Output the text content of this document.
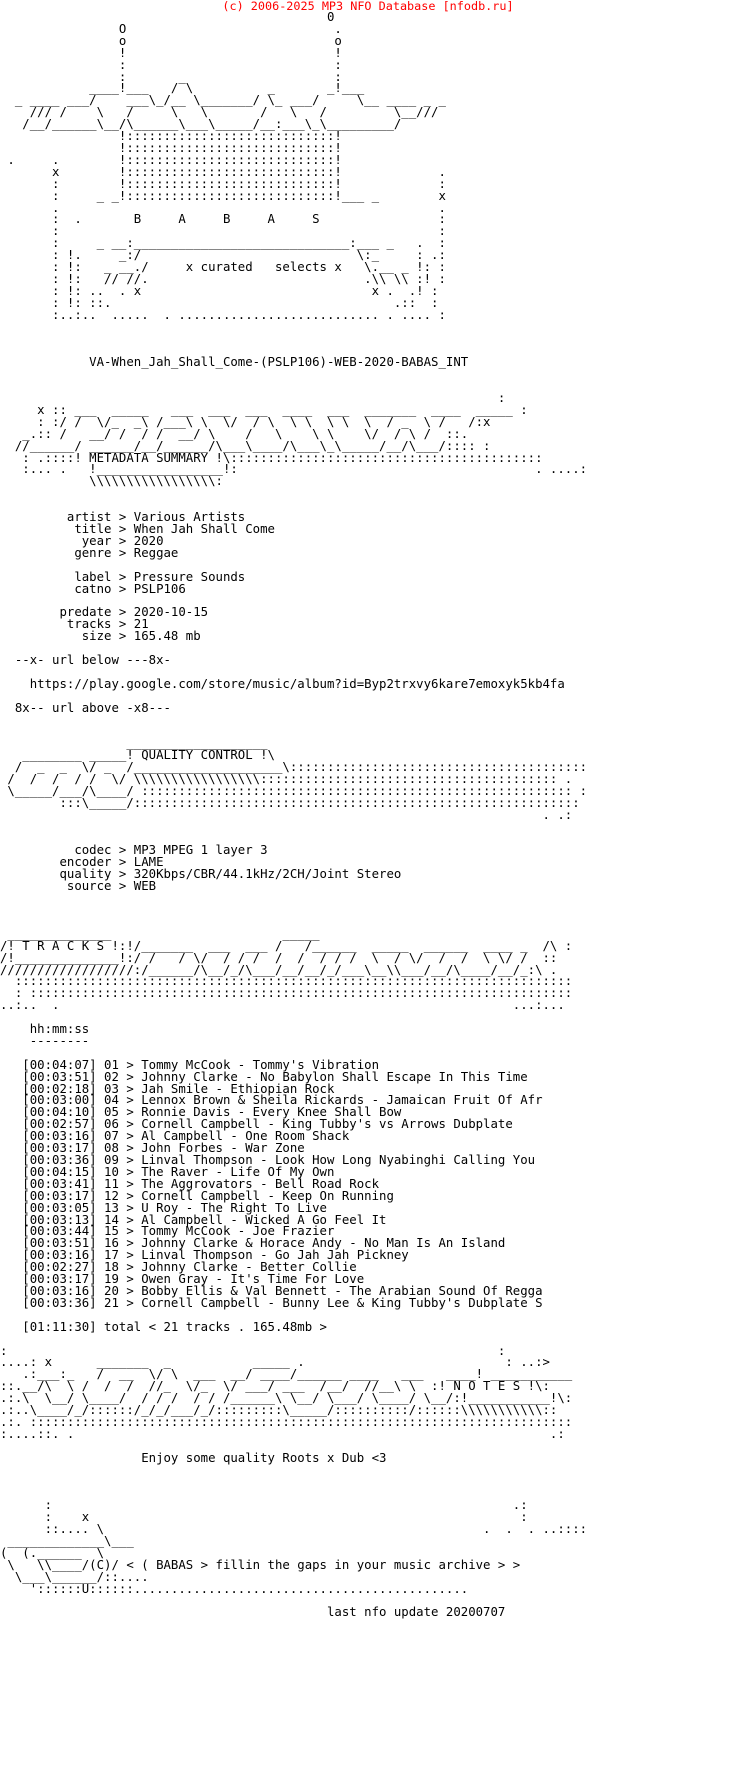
(c) 2006-2025 MP3 NFO Database [nfodb.ru]
0
O                            .
o                            o
!                            !
:                            :
:       _                    :
____!___   / \          _       _!___
_ ____ ___/    ___\_/__ \_______/ \_ ___/     \__ ____ _ _
/// /    \   /     \   \       /   \   /         \__///
/__/______\__/\______\___\_____/__:___\_\_________/
!::::::::::::::::::::::::::::!
!::::::::::::::::::::::::::::!
.     .        !::::::::::::::::::::::::::::!
x        !::::::::::::::::::::::::::::!             .
:        !::::::::::::::::::::::::::::!             :
:     _ _!::::::::::::::::::::::::::::!___ _        x
.                                                   .
:  .       B     A     B     A     S                :
:                                                   :
:     _ __:_____________________________:___ _   .  :
: !.     _:/                             \:_     : .:
: !:   _ __./     x curated   selects x   \.__ _ !: :
: !:   // //.                             .\\ \\ :! :
: !: ..  . x                               x .  .! :
: !: ::.                                      .::  :
:..:..  .....  . ........................... . .... :

VA-When_Jah_Shall_Come-(PSLP106)-WEB-2020-BABAS_INT

:
x :: ___  _____   ___  ___  ___  ____  ___  _______  ____  _____ :
: :/ /  \/_  _\ /___\ \  \/  / \  \ \  \ \  \  / _  \ /   /:x
_.:: /   __/ /  / /  __/ \    /   \    \ \    \/  / \ /  ::.
//______/ ______/__/______/\___\____/\___\_\_____/__/\___/:::: :
: .::::! METADATA SUMMARY !\::::::::::::::::::::::::::::::::::::::::::
:... .   !_________________!:                                        . ....:
\\\\\\\\\\\\\\\\\:

artist > Various Artists
title > When Jah Shall Come
year > 2020
genre > Reggae

label > Pressure Sounds
catno > PSLP106

predate > 2020-10-15
tracks > 21
size > 165.48 mb

--x- url below ---8x-

https://play.google.com/store/music/album?id=Byp2trxvy6kare7emoxyk5kb4fa

8x-- url above -x8---

___________________
________ _____! QUALITY CONTROL !\
/  _  _  \/ _  /____________________\::::::::::::::::::::::::::::::::::::::::
/  /  /  / /  \/ \\\\\\\\\\\\\\\\\:::::::::::::::::::::::::::::::::::::::: .
\_____/___/\____/ :::::::::::::::::::::::::::::::::::::::::::::::::::::::::: :
:::\_____/::::::::::::::::::::::::::::::::::::::::::::::::::::::::::::
. .:

codec > MP3 MPEG 1 layer 3
encoder > LAME
quality > 320Kbps/CBR/44.1kHz/2CH/Joint Stereo
source > WEB

______________                       _____
/! T R A C K S !:!/_______  ___  ___ /   /______  _____  ______  ____ _  /\ :
/!______________!:/ /   / \/  / / /  /  /  / / /  \  / \/  /  /  \ \/ /  ::
//////////////////:/______/\__/_/\___/__/__/_/___\__\\___/__/\____/__/_:\ .
:::::::::::::::::::::::::::::::::::::::::::::::::::::::::::::::::::::::::::
: :::::::::::::::::::::::::::::::::::::::::::::::::::::::::::::::::::::::::
..:..  .                                                             ...:...

hh:mm:ss
--------

[00:04:07] 01 > Tommy McCook - Tommy's Vibration
[00:03:51] 02 > Johnny Clarke - No Babylon Shall Escape In This Time
[00:02:18] 03 > Jah Smile - Ethiopian Rock
[00:03:00] 04 > Lennox Brown & Sheila Rickards - Jamaican Fruit Of Afr
[00:04:10] 05 > Ronnie Davis - Every Knee Shall Bow
[00:02:57] 06 > Cornell Campbell - King Tubby's vs Arrows Dubplate
[00:03:16] 07 > Al Campbell - One Room Shack
[00:03:17] 08 > John Forbes - War Zone
[00:03:36] 09 > Linval Thompson - Look How Long Nyabinghi Calling You
[00:04:15] 10 > The Raver - Life Of My Own
[00:03:41] 11 > The Aggrovators - Bell Road Rock
[00:03:17] 12 > Cornell Campbell - Keep On Running
[00:03:05] 13 > U Roy - The Right To Live
[00:03:13] 14 > Al Campbell - Wicked A Go Feel It
[00:03:44] 15 > Tommy McCook - Joe Frazier
[00:03:51] 16 > Johnny Clarke & Horace Andy - No Man Is An Island
[00:03:16] 17 > Linval Thompson - Go Jah Jah Pickney
[00:02:27] 18 > Johnny Clarke - Better Collie
[00:03:17] 19 > Owen Gray - It's Time For Love
[00:03:16] 20 > Bobby Ellis & Val Bennett - The Arabian Sound Of Regga
[00:03:36] 21 > Cornell Campbell - Bunny Lee & King Tubby's Dubplate S

[01:11:30] total < 21 tracks . 165.48mb >

:                                                                  :
....: x      _______  _           _____ .                           : ..:>
.:___:_   /  __  \/ \  ___  __/ ____/______ ____   ___   ____! ___________
::.__/\  \ /  /  /  //_  \/_  \/ ___/ ___  /__/  //__\ \  :! N O T E S !\:
.:.\  \__/ \____/  / / /  / / /______\ \__/ \___/ \____/ \__/:!___________!\:
.:..\____/_/::::::/_/_/___/_/:::::::::\_____/::::::::::/::::::\\\\\\\\\\\::
.:. :::::::::::::::::::::::::::::::::::::::::::::::::::::::::::::::::::::::::
:....::. .                                                                .:

Enjoy some quality Roots x Dub <3

:                                                              .:
:    x                                                          :
::.... \                                                   .  .  . ..::::
_____________\___
(  (.______  \
\   \\____/(C)/ < ( BABAS > fillin the gaps in your music archive > >
\___\______/::....
'::::::U::::::.............................................

last nfo update 20200707
